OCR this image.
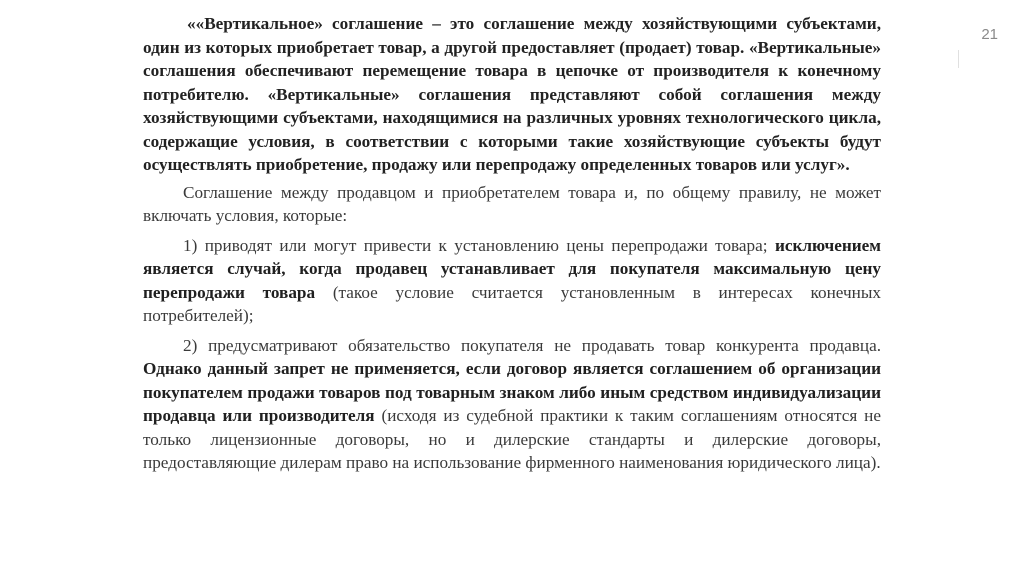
21

««Вертикальное» соглашение – это соглашение между хозяйствующими субъектами, один из которых приобретает товар, а другой предоставляет (продает) товар. «Вертикальные» соглашения обеспечивают перемещение товара в цепочке от производителя к конечному потребителю. «Вертикальные» соглашения представляют собой соглашения между хозяйствующими субъектами, находящимися на различных уровнях технологического цикла, содержащие условия, в соответствии с которыми такие хозяйствующие субъекты будут осуществлять приобретение, продажу или перепродажу определенных товаров или услуг».

Соглашение между продавцом и приобретателем товара и, по общему правилу, не может включать условия, которые:

1) приводят или могут привести к установлению цены перепродажи товара; исключением является случай, когда продавец устанавливает для покупателя максимальную цену перепродажи товара (такое условие считается установленным в интересах конечных потребителей);

2) предусматривают обязательство покупателя не продавать товар конкурента продавца. Однако данный запрет не применяется, если договор является соглашением об организации покупателем продажи товаров под товарным знаком либо иным средством индивидуализации продавца или производителя (исходя из судебной практики к таким соглашениям относятся не только лицензионные договоры, но и дилерские стандарты и дилерские договоры, предоставляющие дилерам право на использование фирменного наименования юридического лица).
